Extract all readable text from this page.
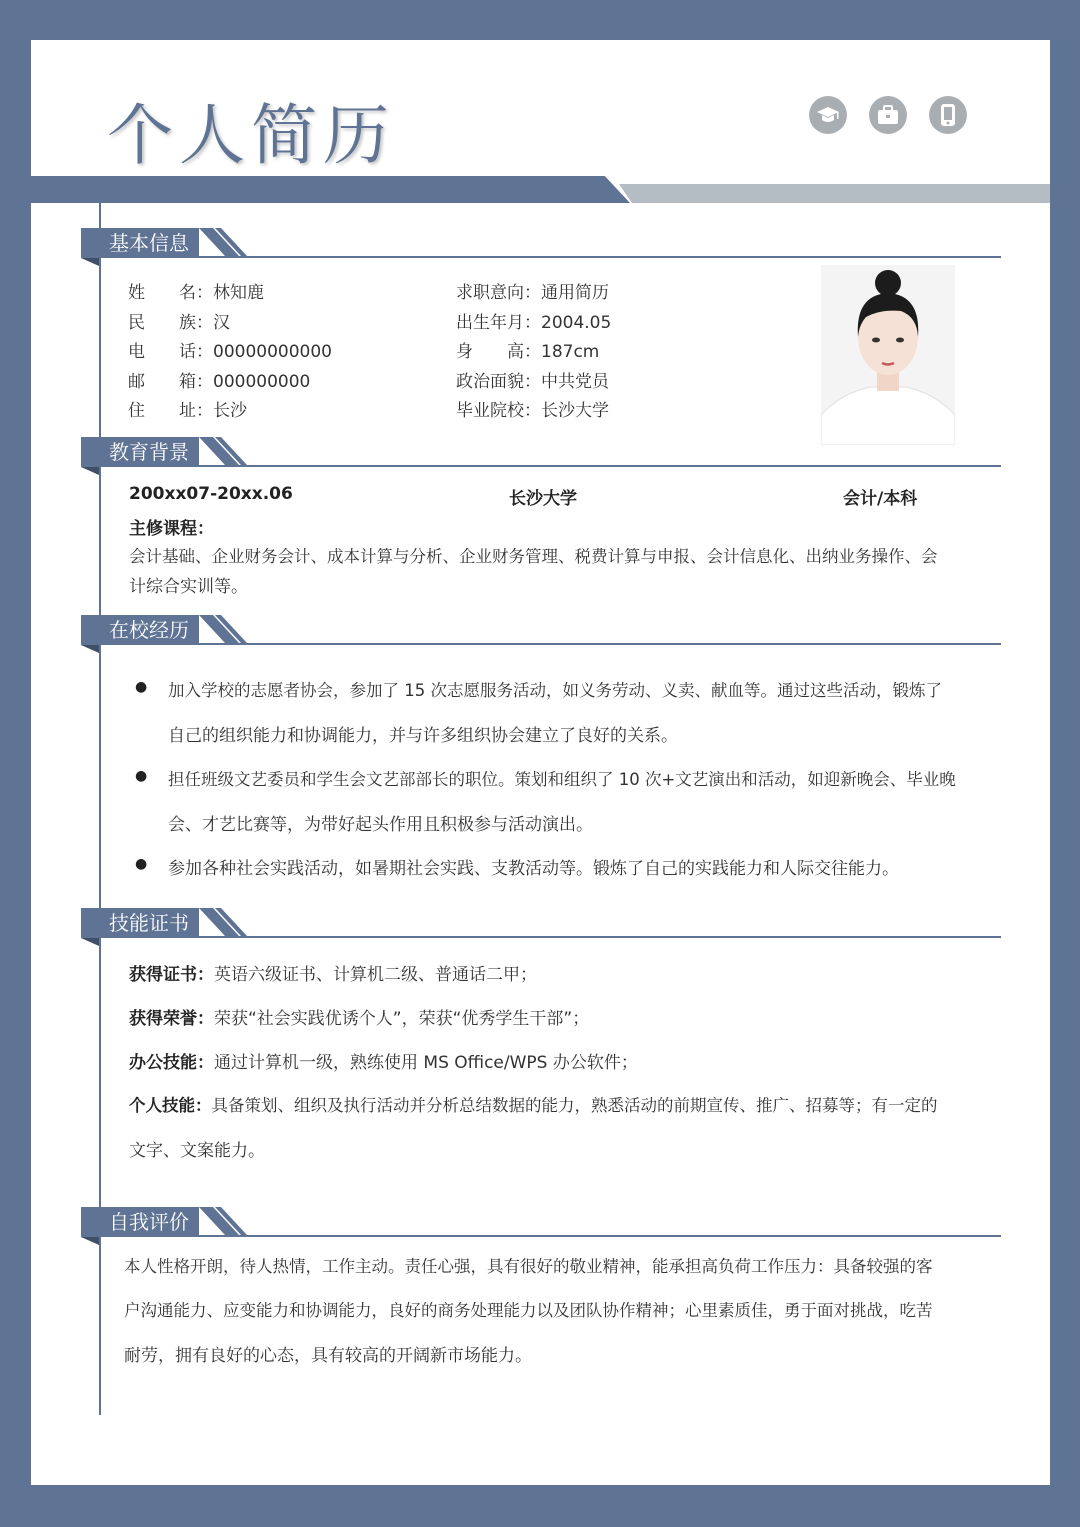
个人简历
基本信息
姓　　名：林知鹿
民　　族：汉
电　　话：00000000000
邮　　箱：000000000
住　　址：长沙
求职意向：通用简历
出生年月：2004.05
身　　高：187cm
政治面貌：中共党员
毕业院校：长沙大学
教育背景
200xx07-20xx.06	长沙大学	会计/本科
主修课程：
会计基础、企业财务会计、成本计算与分析、企业财务管理、税费计算与申报、会计信息化、出纳业务操作、会
计综合实训等。
在校经历
● 加入学校的志愿者协会，参加了 15 次志愿服务活动，如义务劳动、义卖、献血等。通过这些活动，锻炼了
自己的组织能力和协调能力，并与许多组织协会建立了良好的关系。
● 担任班级文艺委员和学生会文艺部部长的职位。策划和组织了 10 次+文艺演出和活动，如迎新晚会、毕业晚
会、才艺比赛等，为带好起头作用且积极参与活动演出。
● 参加各种社会实践活动，如暑期社会实践、支教活动等。锻炼了自己的实践能力和人际交往能力。
技能证书
获得证书：英语六级证书、计算机二级、普通话二甲；
获得荣誉：荣获“社会实践优诱个人”，荣获“优秀学生干部”；
办公技能：通过计算机一级，熟练使用 MS Office/WPS 办公软件；
个人技能：具备策划、组织及执行活动并分析总结数据的能力，熟悉活动的前期宣传、推广、招募等；有一定的
文字、文案能力。
自我评价
本人性格开朗，待人热情，工作主动。责任心强，具有很好的敬业精神，能承担高负荷工作压力：具备较强的客
户沟通能力、应变能力和协调能力，良好的商务处理能力以及团队协作精神；心里素质佳，勇于面对挑战，吃苦
耐劳，拥有良好的心态，具有较高的开阔新市场能力。
